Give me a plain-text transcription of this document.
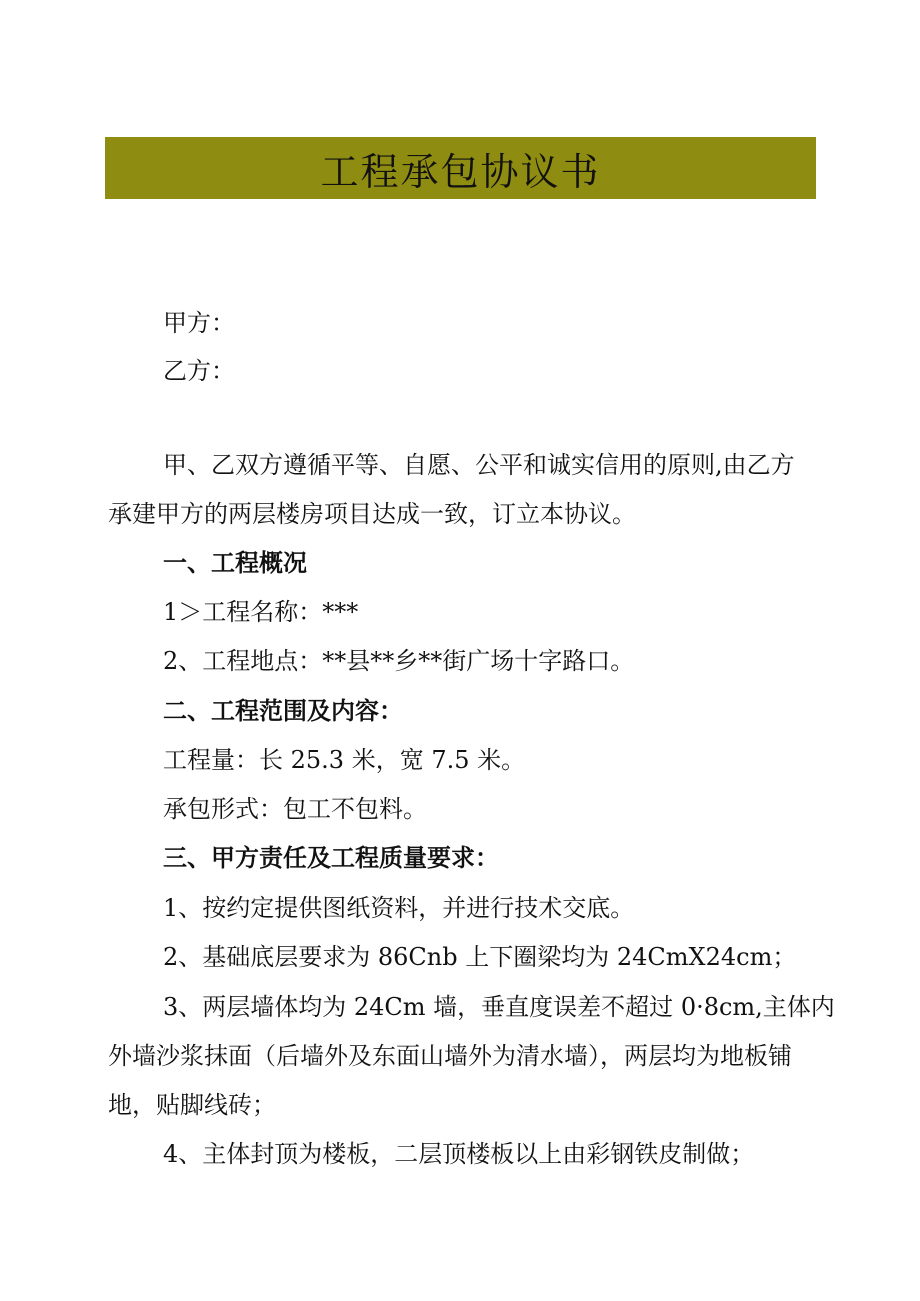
工程承包协议书
甲方：
乙方：
甲、乙双方遵循平等、自愿、公平和诚实信用的原则,由乙方
承建甲方的两层楼房项目达成一致，订立本协议。
一、工程概况
1＞工程名称：***
2、工程地点：**县**乡**街广场十字路口。
二、工程范围及内容：
工程量：长 25.3 米，宽 7.5 米。
承包形式：包工不包料。
三、甲方责任及工程质量要求：
1、按约定提供图纸资料，并进行技术交底。
2、基础底层要求为 86Cnb 上下圈梁均为 24CmX24cm；
3、两层墙体均为 24Cm 墙，垂直度误差不超过 0·8cm,主体内
外墙沙浆抹面（后墙外及东面山墙外为清水墙），两层均为地板铺
地，贴脚线砖；
4、主体封顶为楼板，二层顶楼板以上由彩钢铁皮制做；
